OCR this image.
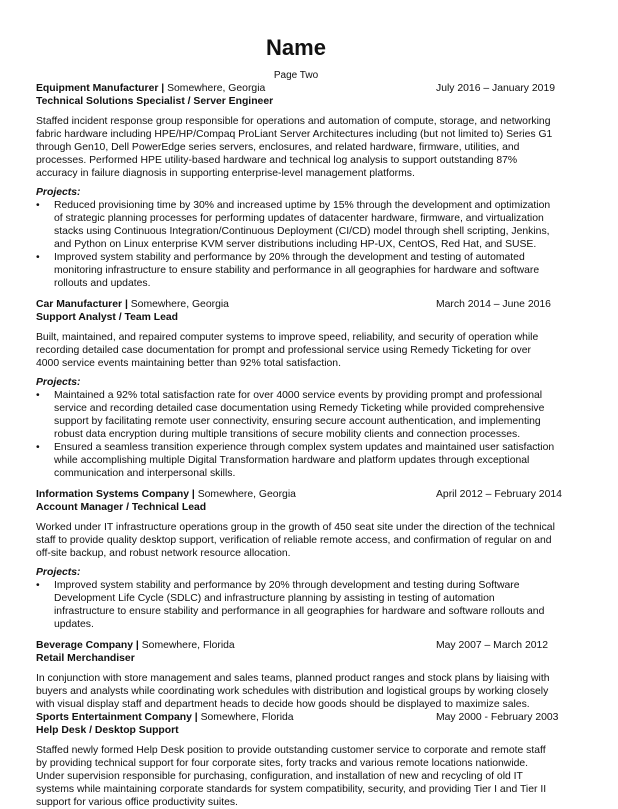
Name
Page Two
Equipment Manufacturer | Somewhere, Georgia	July 2016 – January 2019
Technical Solutions Specialist / Server Engineer
Staffed incident response group responsible for operations and automation of compute, storage, and networking fabric hardware including HPE/HP/Compaq ProLiant Server Architectures including (but not limited to) Series G1 through Gen10, Dell PowerEdge series servers, enclosures, and related hardware, firmware, utilities, and processes. Performed HPE utility-based hardware and technical log analysis to support outstanding 87% accuracy in failure diagnosis in supporting enterprise-level management platforms.
Projects:
• Reduced provisioning time by 30% and increased uptime by 15% through the development and optimization of strategic planning processes for performing updates of datacenter hardware, firmware, and virtualization stacks using Continuous Integration/Continuous Deployment (CI/CD) model through shell scripting, Jenkins, and Python on Linux enterprise KVM server distributions including HP-UX, CentOS, Red Hat, and SUSE.
• Improved system stability and performance by 20% through the development and testing of automated monitoring infrastructure to ensure stability and performance in all geographies for hardware and software rollouts and updates.
Car Manufacturer | Somewhere, Georgia	March 2014 – June 2016
Support Analyst / Team Lead
Built, maintained, and repaired computer systems to improve speed, reliability, and security of operation while recording detailed case documentation for prompt and professional service using Remedy Ticketing for over 4000 service events maintaining better than 92% total satisfaction.
Projects:
• Maintained a 92% total satisfaction rate for over 4000 service events by providing prompt and professional service and recording detailed case documentation using Remedy Ticketing while provided comprehensive support by facilitating remote user connectivity, ensuring secure account authentication, and implementing robust data encryption during multiple transitions of secure mobility clients and connection processes.
• Ensured a seamless transition experience through complex system updates and maintained user satisfaction while accomplishing multiple Digital Transformation hardware and platform updates through exceptional communication and interpersonal skills.
Information Systems Company | Somewhere, Georgia	April 2012 – February 2014
Account Manager / Technical Lead
Worked under IT infrastructure operations group in the growth of 450 seat site under the direction of the technical staff to provide quality desktop support, verification of reliable remote access, and confirmation of regular on and off-site backup, and robust network resource allocation.
Projects:
• Improved system stability and performance by 20% through development and testing during Software Development Life Cycle (SDLC) and infrastructure planning by assisting in testing of automation infrastructure to ensure stability and performance in all geographies for hardware and software rollouts and updates.
Beverage Company | Somewhere, Florida	May 2007 – March 2012
Retail Merchandiser
In conjunction with store management and sales teams, planned product ranges and stock plans by liaising with buyers and analysts while coordinating work schedules with distribution and logistical groups by working closely with visual display staff and department heads to decide how goods should be displayed to maximize sales.
Sports Entertainment Company | Somewhere, Florida	May 2000 - February 2003
Help Desk / Desktop Support
Staffed newly formed Help Desk position to provide outstanding customer service to corporate and remote staff by providing technical support for four corporate sites, forty tracks and various remote locations nationwide. Under supervision responsible for purchasing, configuration, and installation of new and recycling of old IT systems while maintaining corporate standards for system compatibility, security, and providing Tier I and Tier II support for various office productivity suites.
